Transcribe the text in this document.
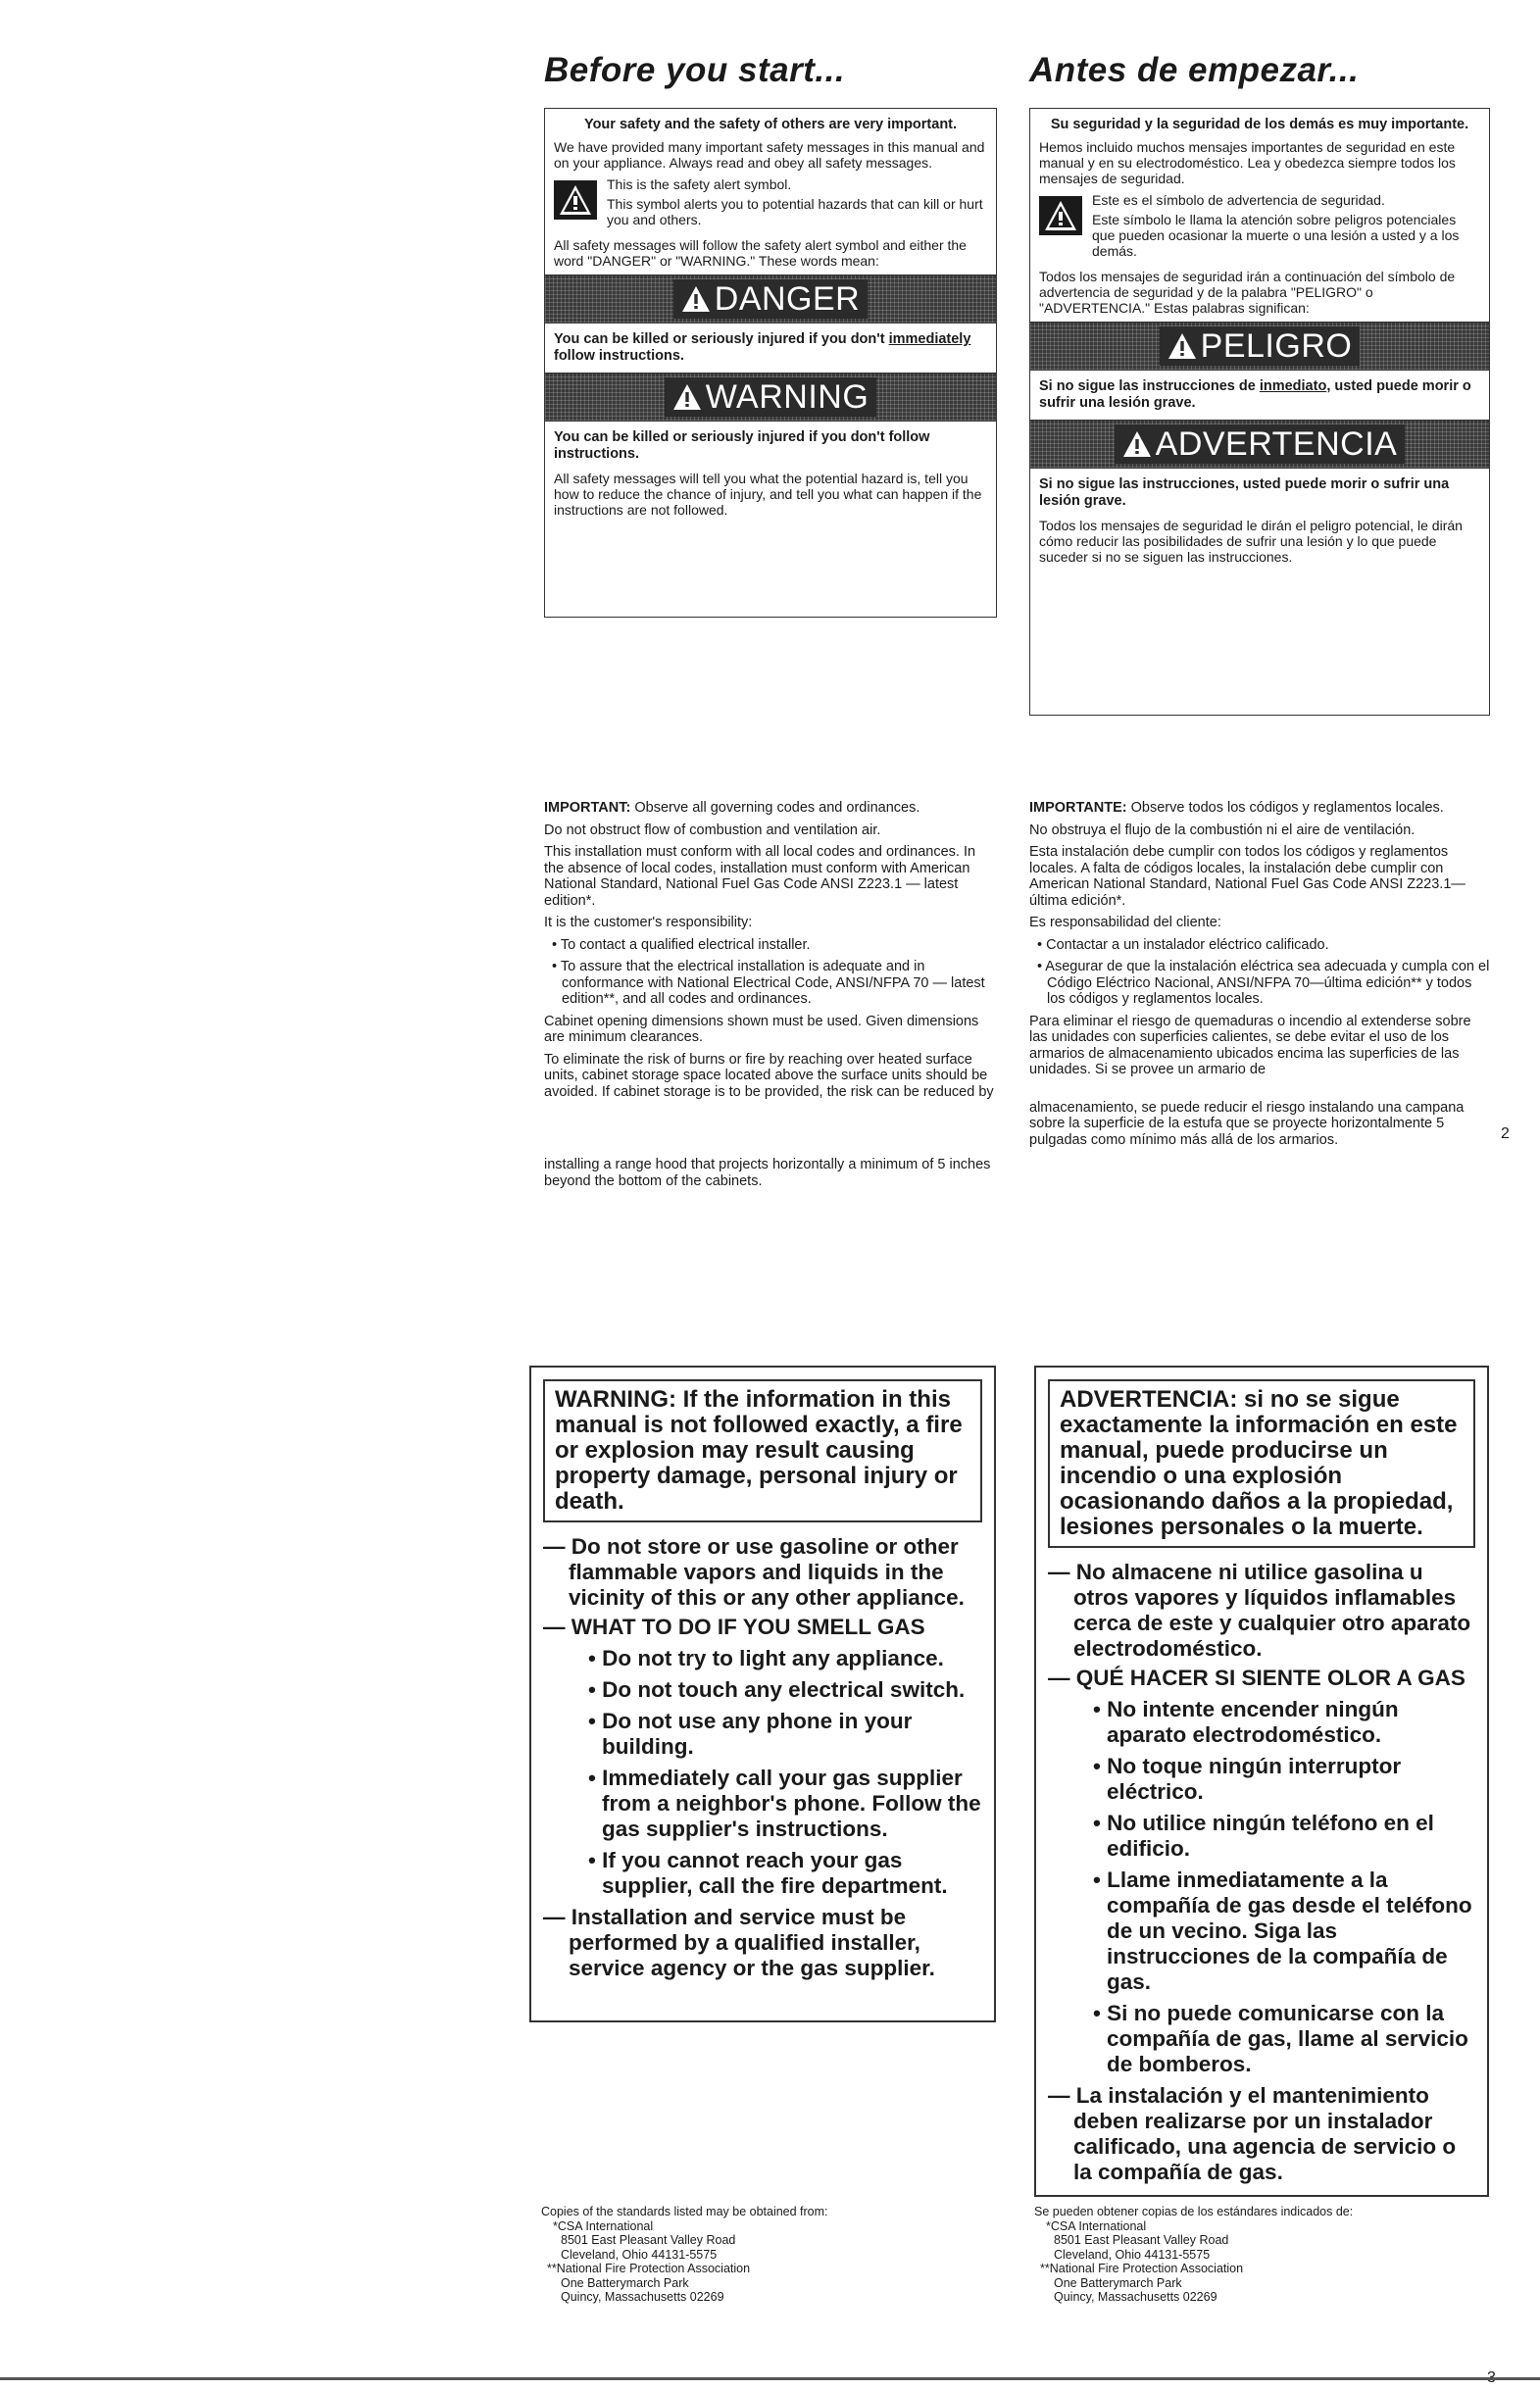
Before you start...
Your safety and the safety of others are very important.

We have provided many important safety messages in this manual and on your appliance. Always read and obey all safety messages.

This is the safety alert symbol.

This symbol alerts you to potential hazards that can kill or hurt you and others.

All safety messages will follow the safety alert symbol and either the word "DANGER" or "WARNING." These words mean:

DANGER
You can be killed or seriously injured if you don't immediately follow instructions.
WARNING
You can be killed or seriously injured if you don't follow instructions.

All safety messages will tell you what the potential hazard is, tell you how to reduce the chance of injury, and tell you what can happen if the instructions are not followed.

IMPORTANT: Observe all governing codes and ordinances.

Do not obstruct flow of combustion and ventilation air.

This installation must conform with all local codes and ordinances. In the absence of local codes, installation must conform with American National Standard, National Fuel Gas Code ANSI Z223.1 — latest edition*.

It is the customer's responsibility:

• To contact a qualified electrical installer.

• To assure that the electrical installation is adequate and in conformance with National Electrical Code, ANSI/NFPA 70 — latest edition**, and all codes and ordinances.

Cabinet opening dimensions shown must be used. Given dimensions are minimum clearances.

To eliminate the risk of burns or fire by reaching over heated surface units, cabinet storage space located above the surface units should be avoided. If cabinet storage is to be provided, the risk can be reduced by

installing a range hood that projects horizontally a minimum of 5 inches beyond the bottom of the cabinets.

Antes de empezar...
Su seguridad y la seguridad de los demás es muy importante.

Hemos incluido muchos mensajes importantes de seguridad en este manual y en su electrodoméstico. Lea y obedezca siempre todos los mensajes de seguridad.

Este es el símbolo de advertencia de seguridad.

Este símbolo le llama la atención sobre peligros potenciales que pueden ocasionar la muerte o una lesión a usted y a los demás.

Todos los mensajes de seguridad irán a continuación del símbolo de advertencia de seguridad y de la palabra "PELIGRO" o "ADVERTENCIA." Estas palabras significan:

PELIGRO
Si no sigue las instrucciones de inmediato, usted puede morir o sufrir una lesión grave.
ADVERTENCIA
Si no sigue las instrucciones, usted puede morir o sufrir una lesión grave.

Todos los mensajes de seguridad le dirán el peligro potencial, le dirán cómo reducir las posibilidades de sufrir una lesión y lo que puede suceder si no se siguen las instrucciones.

IMPORTANTE: Observe todos los códigos y reglamentos locales.

No obstruya el flujo de la combustión ni el aire de ventilación.

Esta instalación debe cumplir con todos los códigos y reglamentos locales. A falta de códigos locales, la instalación debe cumplir con American National Standard, National Fuel Gas Code ANSI Z223.1— última edición*.

Es responsabilidad del cliente:

• Contactar a un instalador eléctrico calificado.

• Asegurar de que la instalación eléctrica sea adecuada y cumpla con el Código Eléctrico Nacional, ANSI/NFPA 70—última edición** y todos los códigos y reglamentos locales.

Para eliminar el riesgo de quemaduras o incendio al extenderse sobre las unidades con superficies calientes, se debe evitar el uso de los armarios de almacenamiento ubicados encima las superficies de las unidades. Si se provee un armario de

almacenamiento, se puede reducir el riesgo instalando una campana sobre la superficie de la estufa que se proyecte horizontalmente 5 pulgadas como mínimo más allá de los armarios.	2
WARNING: If the information in this manual is not followed exactly, a fire or explosion may result causing property damage, personal injury or death.

— Do not store or use gasoline or other flammable vapors and liquids in the vicinity of this or any other appliance.

— WHAT TO DO IF YOU SMELL GAS

• Do not try to light any appliance.

• Do not touch any electrical switch.

• Do not use any phone in your building.

• Immediately call your gas supplier from a neighbor's phone. Follow the gas supplier's instructions.

• If you cannot reach your gas supplier, call the fire department.

— Installation and service must be performed by a qualified installer, service agency or the gas supplier.

ADVERTENCIA: si no se sigue exactamente la información en este manual, puede producirse un incendio o una explosión ocasionando daños a la propiedad, lesiones personales o la muerte.

— No almacene ni utilice gasolina u otros vapores y líquidos inflamables cerca de este y cualquier otro aparato electrodoméstico.

— QUÉ HACER SI SIENTE OLOR A GAS

• No intente encender ningún aparato electrodoméstico.

• No toque ningún interruptor eléctrico.

• No utilice ningún teléfono en el edificio.

• Llame inmediatamente a la compañía de gas desde el teléfono de un vecino. Siga las instrucciones de la compañía de gas.

• Si no puede comunicarse con la compañía de gas, llame al servicio de bomberos.

— La instalación y el mantenimiento deben realizarse por un instalador calificado, una agencia de servicio o la compañía de gas.

Copies of the standards listed may be obtained from:
*CSA International
8501 East Pleasant Valley Road
Cleveland, Ohio 44131-5575
**National Fire Protection Association
One Batterymarch Park
Quincy, Massachusetts 02269
Se pueden obtener copias de los estándares indicados de:
*CSA International
8501 East Pleasant Valley Road
Cleveland, Ohio 44131-5575
**National Fire Protection Association
One Batterymarch Park
Quincy, Massachusetts 02269
